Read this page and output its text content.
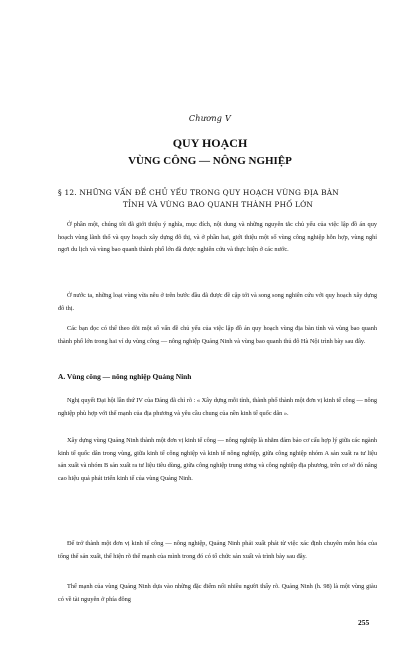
Chương V
QUY HOẠCH
VÙNG CÔNG — NÔNG NGHIỆP
§ 12. NHỮNG VẤN ĐỀ CHỦ YẾU TRONG QUY HOẠCH VÙNG ĐỊA BÀN
TỈNH VÀ VÙNG BAO QUANH THÀNH PHỐ LỚN

Ở phần một, chúng tôi đã giới thiệu ý nghĩa, mục đích, nội dung và những nguyên tắc chủ yếu của việc lập đồ án quy hoạch vùng lãnh thổ và quy hoạch xây dựng đô thị, và ở phần hai, giới thiệu một số vùng công nghiệp hỗn hợp, vùng nghỉ ngơi du lịch và vùng bao quanh thành phố lớn đã được nghiên cứu và thực hiện ở các nước.

Ở nước ta, những loại vùng vừa nêu ở trên bước đầu đã được đề cập tới và song song nghiên cứu với quy hoạch xây dựng đô thị.

Các bạn đọc có thể theo dõi một số vấn đề chủ yếu của việc lập đồ án quy hoạch vùng địa bàn tỉnh và vùng bao quanh thành phố lớn trong hai ví dụ vùng công — nông nghiệp Quảng Ninh và vùng bao quanh thủ đô Hà Nội trình bày sau đây.

A. Vùng công — nông nghiệp Quảng Ninh

Nghị quyết Đại hội lần thứ IV của Đảng đã chỉ rõ : « Xây dựng mỗi tỉnh, thành phố thành một đơn vị kinh tế công — nông nghiệp phù hợp với thế mạnh của địa phương và yêu cầu chung của nền kinh tế quốc dân ».

Xây dựng vùng Quảng Ninh thành một đơn vị kinh tế công — nông nghiệp là nhằm đảm bảo cơ cấu hợp lý giữa các ngành kinh tế quốc dân trong vùng, giữa kinh tế công nghiệp và kinh tế nông nghiệp, giữa công nghiệp nhóm A sản xuất ra tư liệu sản xuất và nhóm B sản xuất ra tư liệu tiêu dùng, giữa công nghiệp trung ương và công nghiệp địa phương, trên cơ sở đó nâng cao hiệu quả phát triển kinh tế của vùng Quảng Ninh.

Để trở thành một đơn vị kinh tế công — nông nghiệp, Quảng Ninh phải xuất phát từ việc xác định chuyên môn hóa của tổng thể sản xuất, thế hiện rõ thế mạnh của mình trong đó có tổ chức sản xuất và trình bày sau đây.

Thế mạnh của vùng Quảng Ninh dựa vào những đặc điểm nổi nhiều người thấy rõ. Quảng Ninh (h. 98) là một vùng giàu có về tài nguyên ở phía đông

255
